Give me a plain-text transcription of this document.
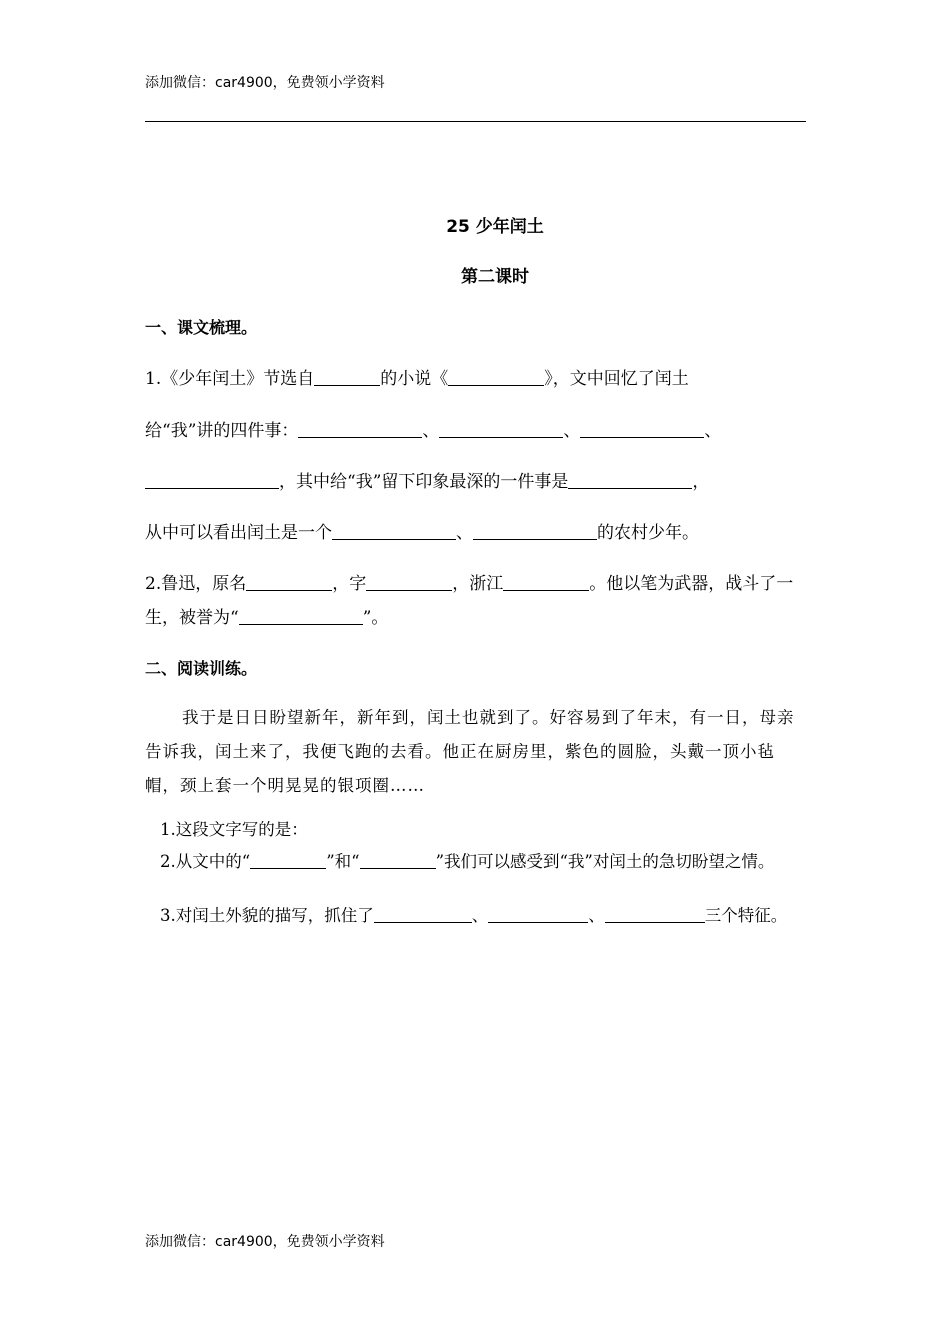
添加微信：car4900，免费领小学资料
25 少年闰土
第二课时
一、课文梳理。
1.《少年闰土》节选自	的小说《	》，文中回忆了闰土
给“我”讲的四件事：	、	、	、
，其中给“我”留下印象最深的一件事是	，
从中可以看出闰土是一个	、	的农村少年。
2.鲁迅，原名	，字	，浙江	。他以笔为武器，战斗了一
生，被誉为“	”。
二、阅读训练。
我于是日日盼望新年，新年到，闰土也就到了。好容易到了年末，有一日，母亲告诉我，闰土来了，我便飞跑的去看。他正在厨房里，紫色的圆脸，头戴一顶小毡帽，颈上套一个明晃晃的银项圈……
1.这段文字写的是：
2.从文中的“	”和“	”我们可以感受到“我”对闰土的急切盼望之情。
3.对闰土外貌的描写，抓住了	、	、	三个特征。
添加微信：car4900，免费领小学资料
